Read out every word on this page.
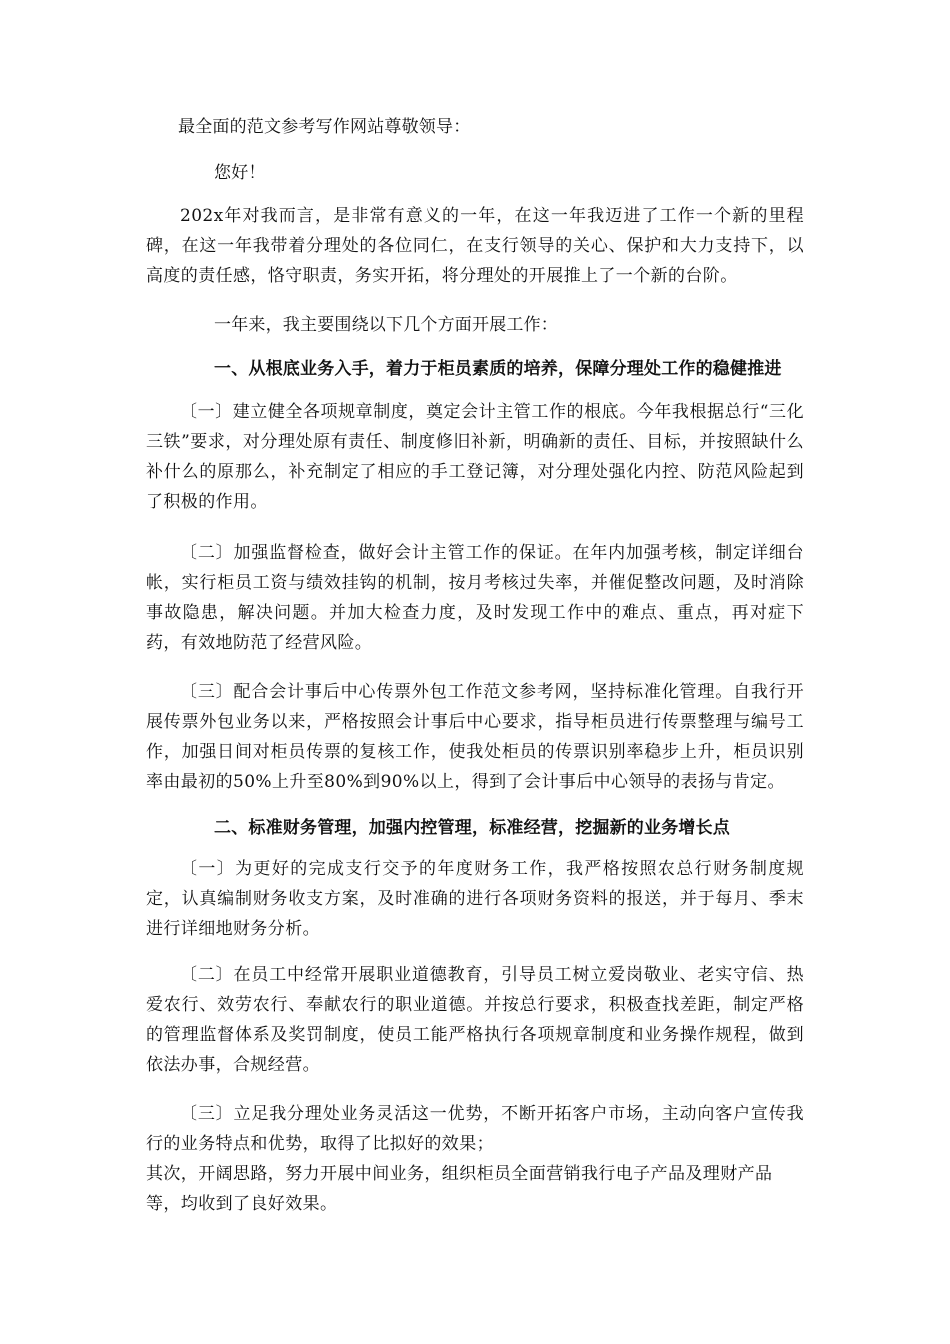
最全面的范文参考写作网站尊敬领导：
您好！
202x年对我而言，是非常有意义的一年，在这一年我迈进了工作一个新的里程碑，在这一年我带着分理处的各位同仁，在支行领导的关心、保护和大力支持下，以高度的责任感，恪守职责，务实开拓，将分理处的开展推上了一个新的台阶。
一年来，我主要围绕以下几个方面开展工作：
一、从根底业务入手，着力于柜员素质的培养，保障分理处工作的稳健推进
〔一〕建立健全各项规章制度，奠定会计主管工作的根底。今年我根据总行“三化三铁”要求，对分理处原有责任、制度修旧补新，明确新的责任、目标，并按照缺什么补什么的原那么，补充制定了相应的手工登记簿，对分理处强化内控、防范风险起到了积极的作用。
〔二〕加强监督检查，做好会计主管工作的保证。在年内加强考核，制定详细台帐，实行柜员工资与绩效挂钩的机制，按月考核过失率，并催促整改问题，及时消除事故隐患，解决问题。并加大检查力度，及时发现工作中的难点、重点，再对症下药，有效地防范了经营风险。
〔三〕配合会计事后中心传票外包工作范文参考网，坚持标准化管理。自我行开展传票外包业务以来，严格按照会计事后中心要求，指导柜员进行传票整理与编号工作，加强日间对柜员传票的复核工作，使我处柜员的传票识别率稳步上升，柜员识别率由最初的50%上升至80%到90%以上，得到了会计事后中心领导的表扬与肯定。
二、标准财务管理，加强内控管理，标准经营，挖掘新的业务增长点
〔一〕为更好的完成支行交予的年度财务工作，我严格按照农总行财务制度规定，认真编制财务收支方案，及时准确的进行各项财务资料的报送，并于每月、季末进行详细地财务分析。
〔二〕在员工中经常开展职业道德教育，引导员工树立爱岗敬业、老实守信、热爱农行、效劳农行、奉献农行的职业道德。并按总行要求，积极查找差距，制定严格的管理监督体系及奖罚制度，使员工能严格执行各项规章制度和业务操作规程，做到依法办事，合规经营。
〔三〕立足我分理处业务灵活这一优势，不断开拓客户市场，主动向客户宣传我行的业务特点和优势，取得了比拟好的效果；
其次，开阔思路，努力开展中间业务，组织柜员全面营销我行电子产品及理财产品等，均收到了良好效果。
